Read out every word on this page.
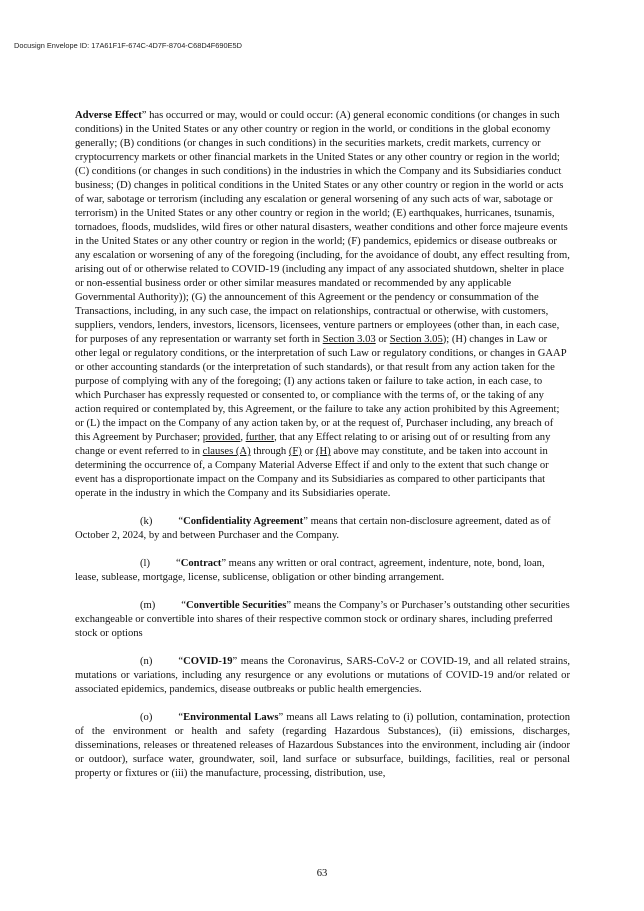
Docusign Envelope ID: 17A61F1F-674C-4D7F-8704-C68D4F690E5D

Adverse Effect” has occurred or may, would or could occur: (A) general economic conditions (or changes in such conditions) in the United States or any other country or region in the world, or conditions in the global economy generally; (B) conditions (or changes in such conditions) in the securities markets, credit markets, currency or cryptocurrency markets or other financial markets in the United States or any other country or region in the world; (C) conditions (or changes in such conditions) in the industries in which the Company and its Subsidiaries conduct business; (D) changes in political conditions in the United States or any other country or region in the world or acts of war, sabotage or terrorism (including any escalation or general worsening of any such acts of war, sabotage or terrorism) in the United States or any other country or region in the world; (E) earthquakes, hurricanes, tsunamis, tornadoes, floods, mudslides, wild fires or other natural disasters, weather conditions and other force majeure events in the United States or any other country or region in the world; (F) pandemics, epidemics or disease outbreaks or any escalation or worsening of any of the foregoing (including, for the avoidance of doubt, any effect resulting from, arising out of or otherwise related to COVID-19 (including any impact of any associated shutdown, shelter in place or non-essential business order or other similar measures mandated or recommended by any applicable Governmental Authority)); (G) the announcement of this Agreement or the pendency or consummation of the Transactions, including, in any such case, the impact on relationships, contractual or otherwise, with customers, suppliers, vendors, lenders, investors, licensors, licensees, venture partners or employees (other than, in each case, for purposes of any representation or warranty set forth in Section 3.03 or Section 3.05); (H) changes in Law or other legal or regulatory conditions, or the interpretation of such Law or regulatory conditions, or changes in GAAP or other accounting standards (or the interpretation of such standards), or that result from any action taken for the purpose of complying with any of the foregoing; (I) any actions taken or failure to take action, in each case, to which Purchaser has expressly requested or consented to, or compliance with the terms of, or the taking of any action required or contemplated by, this Agreement, or the failure to take any action prohibited by this Agreement; or (L) the impact on the Company of any action taken by, or at the request of, Purchaser including, any breach of this Agreement by Purchaser; provided, further, that any Effect relating to or arising out of or resulting from any change or event referred to in clauses (A) through (F) or (H) above may constitute, and be taken into account in determining the occurrence of, a Company Material Adverse Effect if and only to the extent that such change or event has a disproportionate impact on the Company and its Subsidiaries as compared to other participants that operate in the industry in which the Company and its Subsidiaries operate.

(k) “Confidentiality Agreement” means that certain non-disclosure agreement, dated as of October 2, 2024, by and between Purchaser and the Company.

(l) “Contract” means any written or oral contract, agreement, indenture, note, bond, loan, lease, sublease, mortgage, license, sublicense, obligation or other binding arrangement.

(m) “Convertible Securities” means the Company’s or Purchaser’s outstanding other securities exchangeable or convertible into shares of their respective common stock or ordinary shares, including preferred stock or options

(n) “COVID-19” means the Coronavirus, SARS-CoV-2 or COVID-19, and all related strains, mutations or variations, including any resurgence or any evolutions or mutations of COVID-19 and/or related or associated epidemics, pandemics, disease outbreaks or public health emergencies.

(o) “Environmental Laws” means all Laws relating to (i) pollution, contamination, protection of the environment or health and safety (regarding Hazardous Substances), (ii) emissions, discharges, disseminations, releases or threatened releases of Hazardous Substances into the environment, including air (indoor or outdoor), surface water, groundwater, soil, land surface or subsurface, buildings, facilities, real or personal property or fixtures or (iii) the manufacture, processing, distribution, use,

63
